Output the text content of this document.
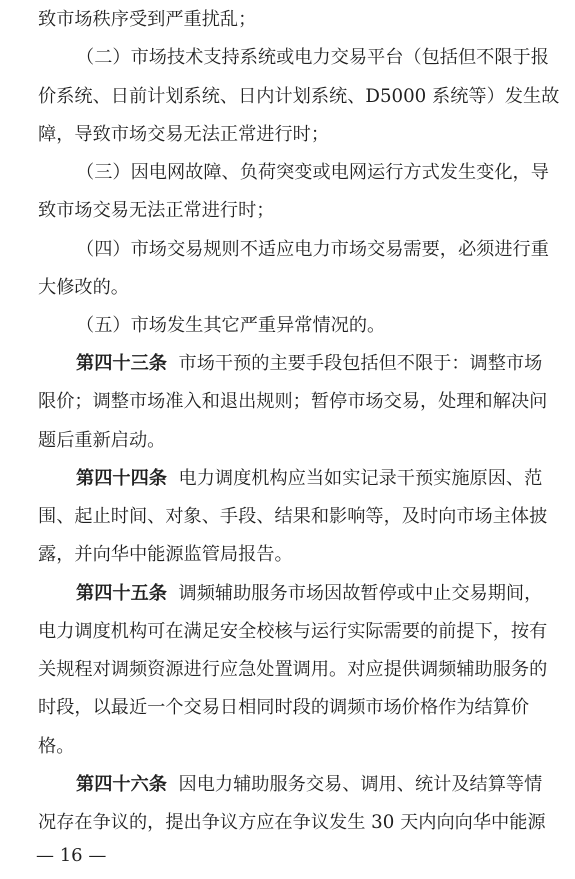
— 16 —
致市场秩序受到严重扰乱；
（二）市场技术支持系统或电力交易平台（包括但不限于报
价系统、日前计划系统、日内计划系统、D5000 系统等）发生故
障，导致市场交易无法正常进行时；
（三）因电网故障、负荷突变或电网运行方式发生变化，导
致市场交易无法正常进行时；
（四）市场交易规则不适应电力市场交易需要，必须进行重
大修改的。
（五）市场发生其它严重异常情况的。
第四十三条 市场干预的主要手段包括但不限于：调整市场
限价；调整市场准入和退出规则；暂停市场交易，处理和解决问
题后重新启动。
第四十四条 电力调度机构应当如实记录干预实施原因、范
围、起止时间、对象、手段、结果和影响等，及时向市场主体披
露，并向华中能源监管局报告。
第四十五条 调频辅助服务市场因故暂停或中止交易期间，
电力调度机构可在满足安全校核与运行实际需要的前提下，按有
关规程对调频资源进行应急处置调用。对应提供调频辅助服务的
时段，以最近一个交易日相同时段的调频市场价格作为结算价
格。
第四十六条 因电力辅助服务交易、调用、统计及结算等情
况存在争议的，提出争议方应在争议发生 30 天内向向华中能源
